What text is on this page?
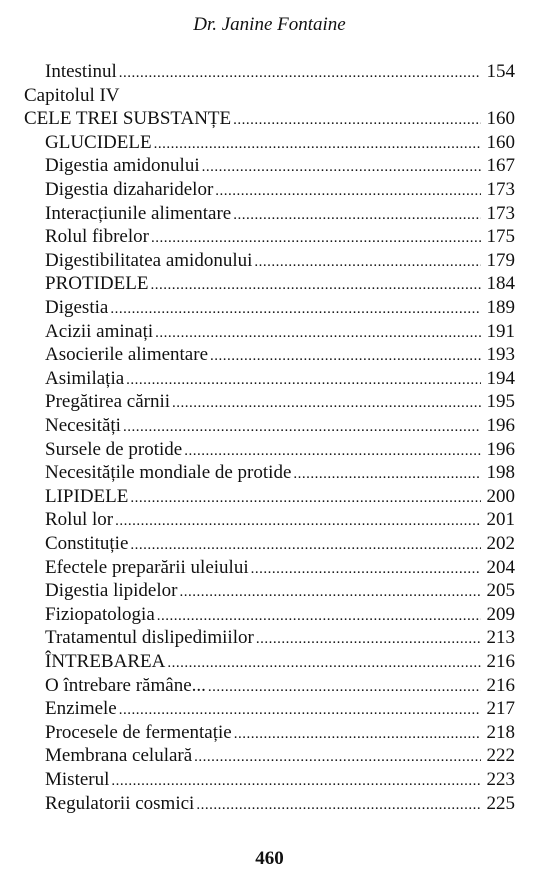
Dr. Janine Fontaine
Intestinul .....	154
Capitolul IV
CELE TREI SUBSTANȚE .....	160
GLUCIDELE .....	160
Digestia amidonului .....	167
Digestia dizaharidelor .....	173
Interacțiunile alimentare .....	173
Rolul fibrelor .....	175
Digestibilitatea amidonului .....	179
PROTIDELE .....	184
Digestia .....	189
Acizii aminați .....	191
Asocierile alimentare .....	193
Asimilația .....	194
Pregătirea cărnii .....	195
Necesități .....	196
Sursele de protide .....	196
Necesitățile mondiale de protide .....	198
LIPIDELE .....	200
Rolul lor .....	201
Constituție .....	202
Efectele preparării uleiului .....	204
Digestia lipidelor .....	205
Fiziopatologia .....	209
Tratamentul dislipedimiilor .....	213
ÎNTREBAREA .....	216
O întrebare rămâne... .....	216
Enzimele .....	217
Procesele de fermentație .....	218
Membrana celulară .....	222
Misterul .....	223
Regulatorii cosmici .....	225
460
